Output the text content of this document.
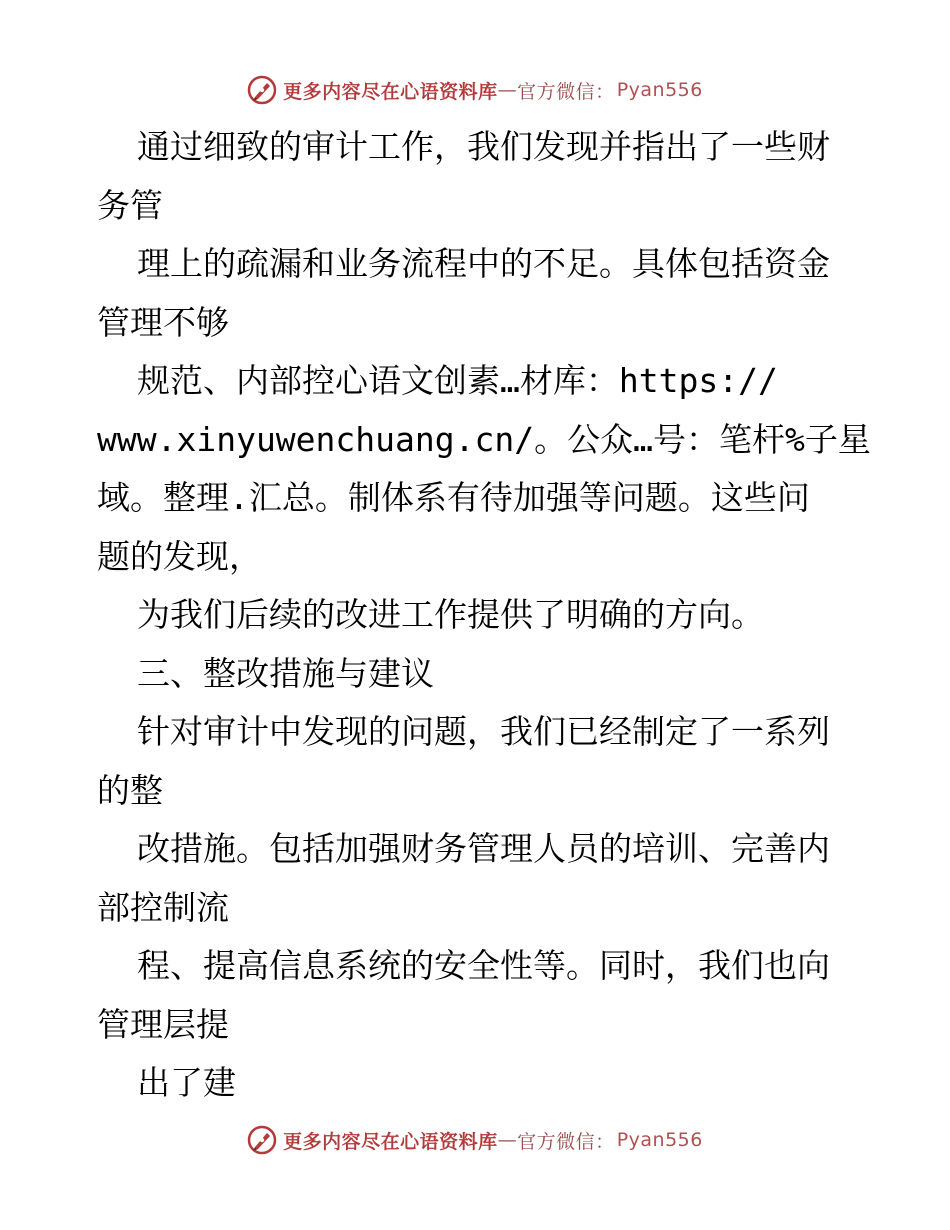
更多内容尽在心语资料库 — 官方微信： Pyan556
通过细致的审计工作，我们发现并指出了一些财
务管
理上的疏漏和业务流程中的不足。具体包括资金
管理不够
规范、内部控心语文创素…材库：https://
www.xinyuwenchuang.cn/。公众…号：笔杆%子星
域。整理.汇总。制体系有待加强等问题。这些问
题的发现，
为我们后续的改进工作提供了明确的方向。
三、整改措施与建议
针对审计中发现的问题，我们已经制定了一系列
的整
改措施。包括加强财务管理人员的培训、完善内
部控制流
程、提高信息系统的安全性等。同时，我们也向
管理层提
出了建
更多内容尽在心语资料库 — 官方微信： Pyan556
